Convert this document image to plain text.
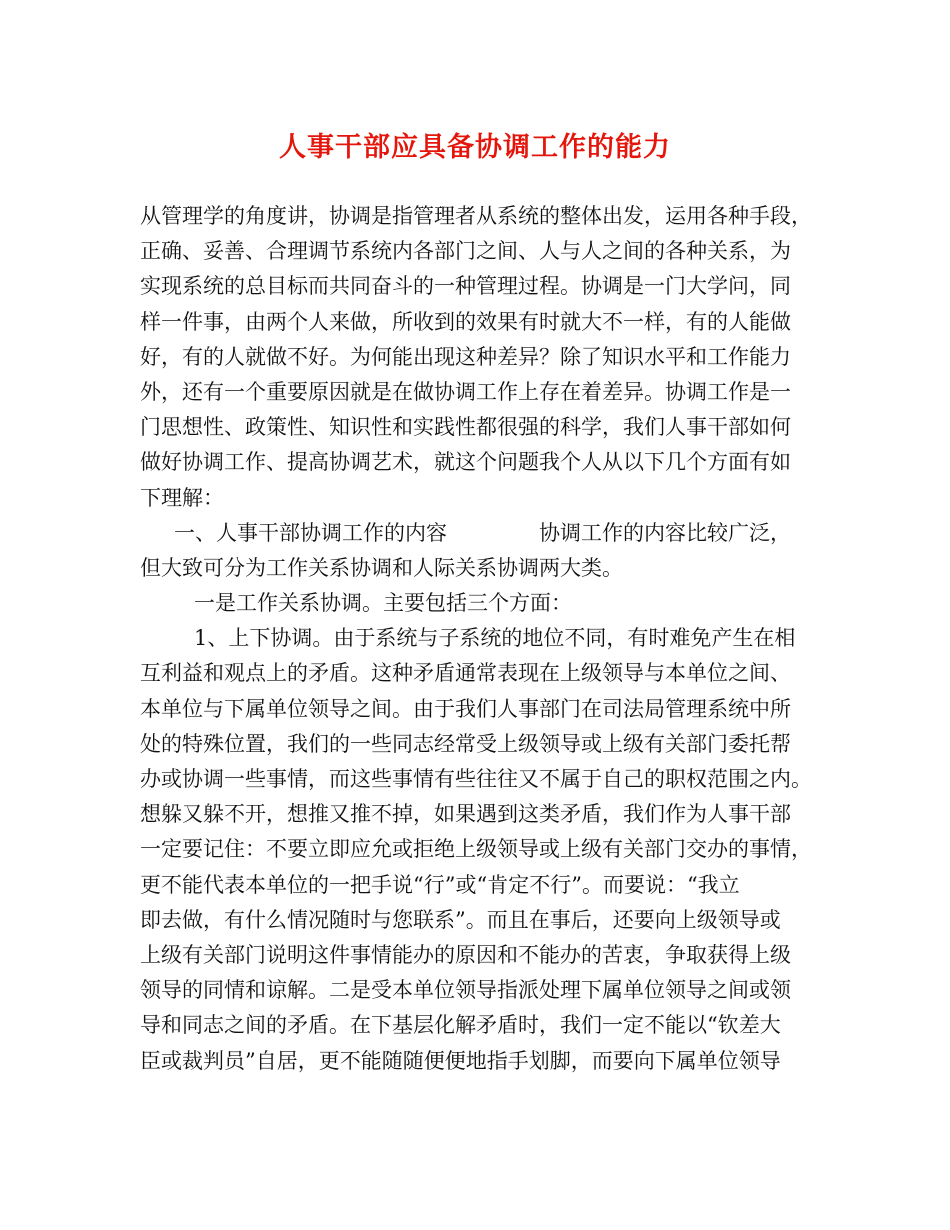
人事干部应具备协调工作的能力
从管理学的角度讲，协调是指管理者从系统的整体出发，运用各种手段，
正确、妥善、合理调节系统内各部门之间、人与人之间的各种关系，为
实现系统的总目标而共同奋斗的一种管理过程。协调是一门大学问，同
样一件事，由两个人来做，所收到的效果有时就大不一样，有的人能做
好，有的人就做不好。为何能出现这种差异？除了知识水平和工作能力
外，还有一个重要原因就是在做协调工作上存在着差异。协调工作是一
门思想性、政策性、知识性和实践性都很强的科学，我们人事干部如何
做好协调工作、提高协调艺术，就这个问题我个人从以下几个方面有如
下理解：
一、人事干部协调工作的内容	协调工作的内容比较广泛，
但大致可分为工作关系协调和人际关系协调两大类。
一是工作关系协调。主要包括三个方面：
1、上下协调。由于系统与子系统的地位不同，有时难免产生在相
互利益和观点上的矛盾。这种矛盾通常表现在上级领导与本单位之间、
本单位与下属单位领导之间。由于我们人事部门在司法局管理系统中所
处的特殊位置，我们的一些同志经常受上级领导或上级有关部门委托帮
办或协调一些事情，而这些事情有些往往又不属于自己的职权范围之内。
想躲又躲不开，想推又推不掉，如果遇到这类矛盾，我们作为人事干部
一定要记住：不要立即应允或拒绝上级领导或上级有关部门交办的事情，
更不能代表本单位的一把手说“行”或“肯定不行”。而要说：“我立
即去做，有什么情况随时与您联系”。而且在事后，还要向上级领导或
上级有关部门说明这件事情能办的原因和不能办的苦衷，争取获得上级
领导的同情和谅解。二是受本单位领导指派处理下属单位领导之间或领
导和同志之间的矛盾。在下基层化解矛盾时，我们一定不能以“钦差大
臣或裁判员”自居，更不能随随便便地指手划脚，而要向下属单位领导
